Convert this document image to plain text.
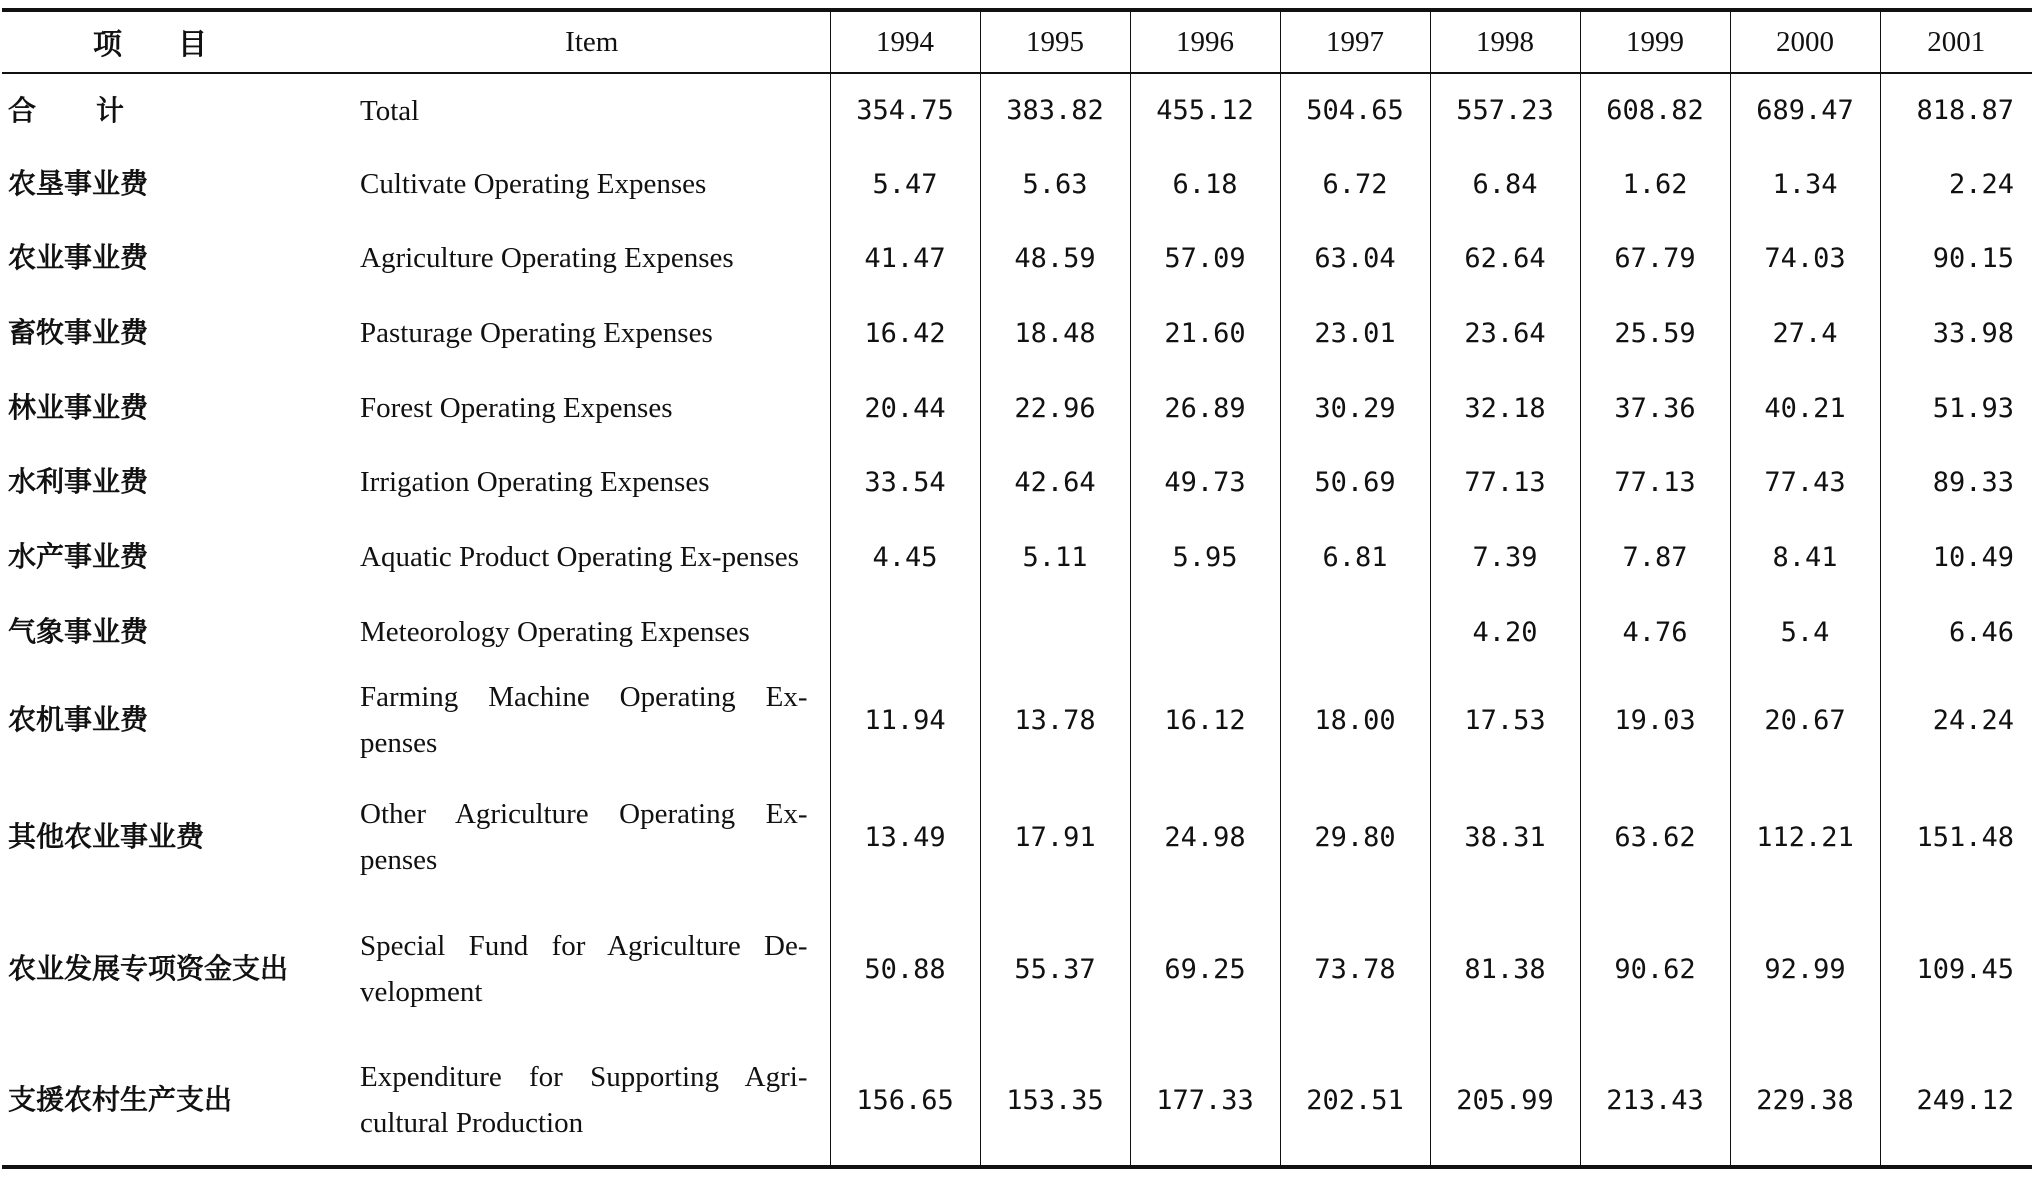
项目	Item	1994	1995	1996	1997	1998	1999	2000	2001
合计	Total	354.75	383.82	455.12	504.65	557.23	608.82	689.47	818.87
农垦事业费	Cultivate Operating Expenses	5.47	5.63	6.18	6.72	6.84	1.62	1.34	2.24
农业事业费	Agriculture Operating Expenses	41.47	48.59	57.09	63.04	62.64	67.79	74.03	90.15
畜牧事业费	Pasturage Operating Expenses	16.42	18.48	21.60	23.01	23.64	25.59	27.4	33.98
林业事业费	Forest Operating Expenses	20.44	22.96	26.89	30.29	32.18	37.36	40.21	51.93
水利事业费	Irrigation Operating Expenses	33.54	42.64	49.73	50.69	77.13	77.13	77.43	89.33
水产事业费	Aquatic Product Operating Ex-penses	4.45	5.11	5.95	6.81	7.39	7.87	8.41	10.49
气象事业费	Meteorology Operating Expenses					4.20	4.76	5.4	6.46
农机事业费	Farming Machine Operating Ex-penses	11.94	13.78	16.12	18.00	17.53	19.03	20.67	24.24
其他农业事业费	Other Agriculture Operating Ex-penses	13.49	17.91	24.98	29.80	38.31	63.62	112.21	151.48
农业发展专项资金支出	Special Fund for Agriculture De-velopment	50.88	55.37	69.25	73.78	81.38	90.62	92.99	109.45
支援农村生产支出	Expenditure for Supporting Agri-cultural Production	156.65	153.35	177.33	202.51	205.99	213.43	229.38	249.12
